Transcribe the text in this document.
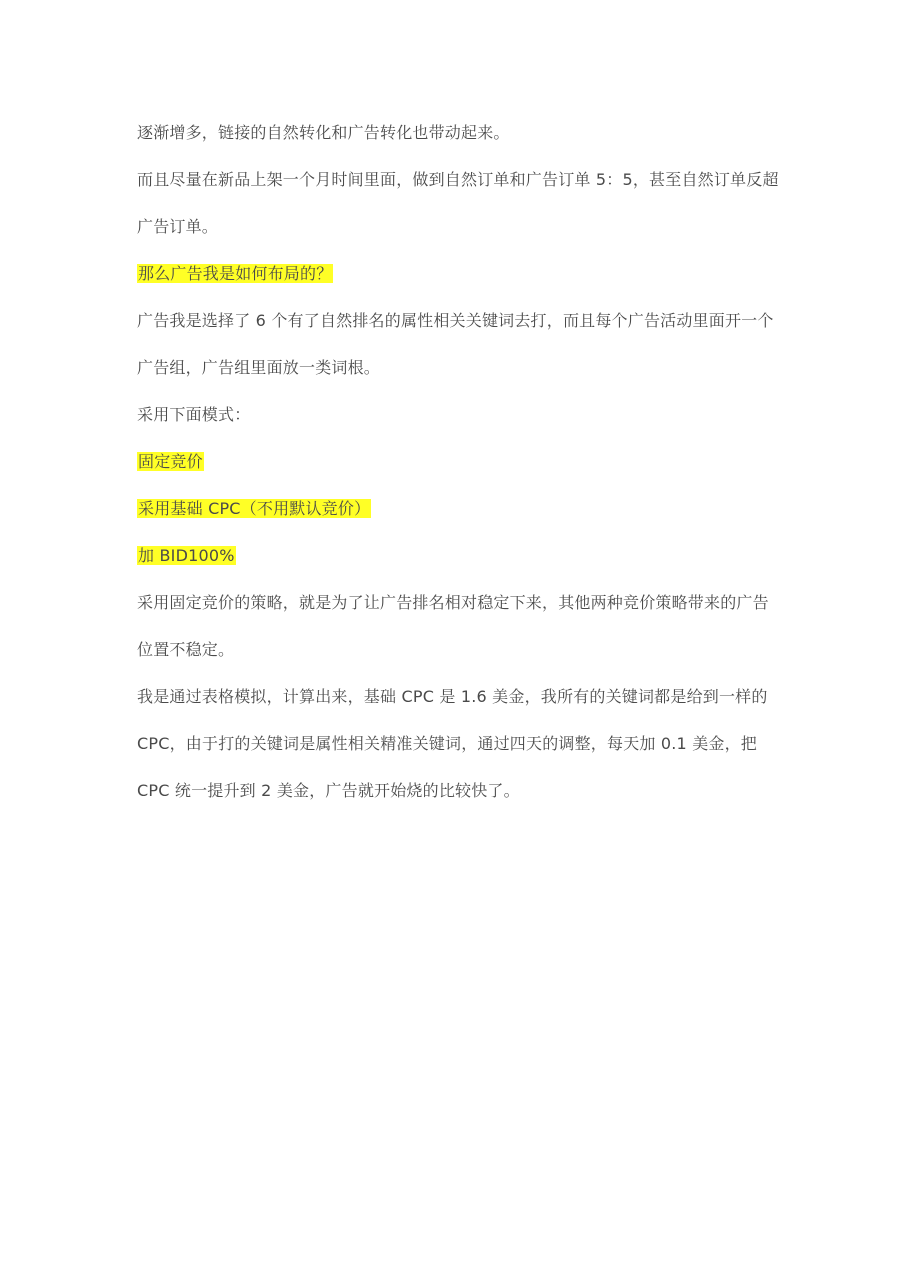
逐渐增多，链接的自然转化和广告转化也带动起来。
而且尽量在新品上架一个月时间里面，做到自然订单和广告订单 5：5，甚至自然订单反超
广告订单。
那么广告我是如何布局的？
广告我是选择了 6 个有了自然排名的属性相关关键词去打，而且每个广告活动里面开一个
广告组，广告组里面放一类词根。
采用下面模式：
固定竞价
采用基础 CPC（不用默认竞价）
加 BID100%
采用固定竞价的策略，就是为了让广告排名相对稳定下来，其他两种竞价策略带来的广告
位置不稳定。
我是通过表格模拟，计算出来，基础 CPC 是 1.6 美金，我所有的关键词都是给到一样的
CPC，由于打的关键词是属性相关精准关键词，通过四天的调整，每天加 0.1 美金，把
CPC 统一提升到 2 美金，广告就开始烧的比较快了。
